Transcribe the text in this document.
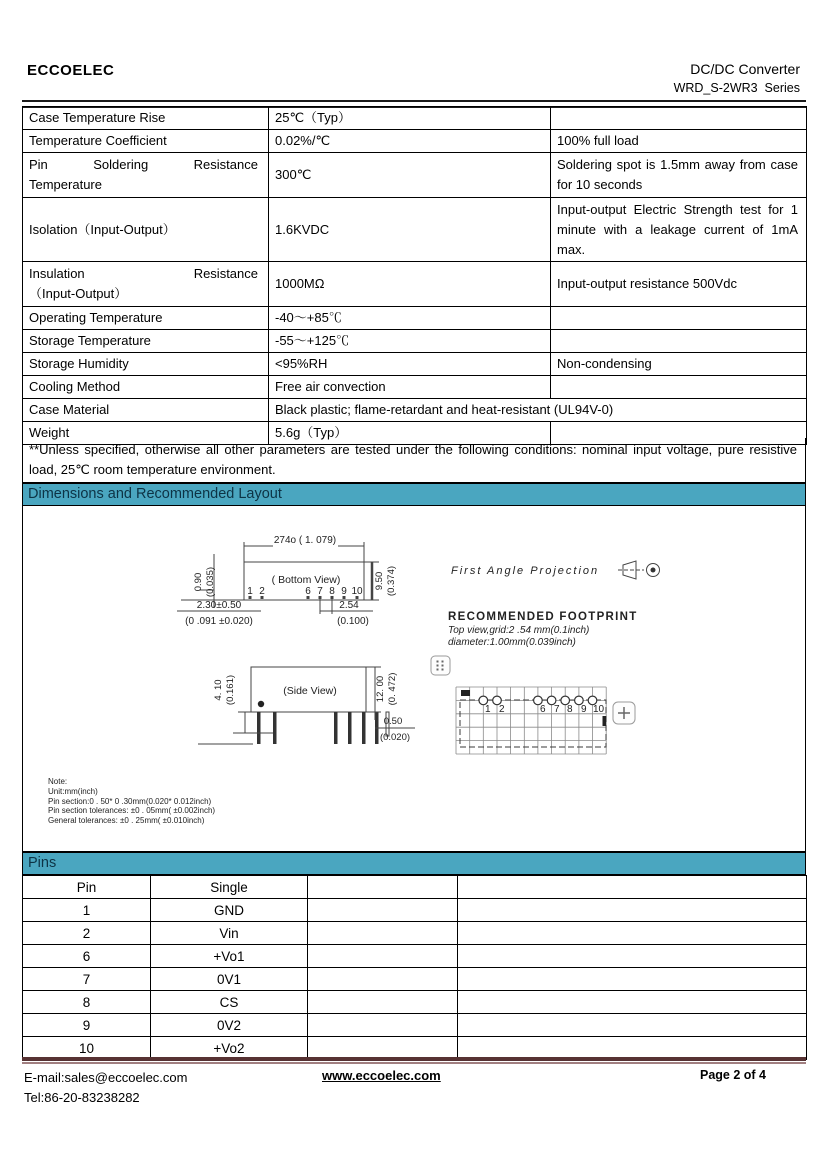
ECCOELEC	DC/DC Converter
WRD_S-2WR3  Series
Case Temperature Rise	25℃（Typ）	
Temperature Coefficient	0.02%/℃	100% full load

Pin Soldering Resistance
Temperature	300℃	Soldering spot is 1.5mm away from case for 10 seconds
Isolation（Input-Output）	1.6KVDC	Input-output Electric Strength test for 1 minute with a leakage current of 1mA max.

Insulation Resistance
（Input-Output）	1000MΩ	Input-output resistance 500Vdc
Operating Temperature	-40～+85℃	
Storage Temperature	-55～+125℃	
Storage Humidity	<95%RH	Non-condensing
Cooling Method	Free air convection	
Case Material	Black plastic; flame-retardant and heat-resistant (UL94V-0)	
Weight	5.6g（Typ）	
**Unless specified, otherwise all other parameters are tested under the following conditions: nominal input voltage, pure resistive load, 25℃ room temperature environment.
Dimensions and Recommended Layout
274o ( 1. 079)
( Bottom View)
1 2	6 7 8 9 10
0.90 (0.035)	9.50 (0.374)
2.30±0.50
(0 .091 ±0.020)
2.54
(0.100)
(Side View)
4. 10 (0.161)	12. 00 (0. 472)
0.50
(0.020)
First Angle Projection
RECOMMENDED FOOTPRINT
Top view,grid:2 .54 mm(0.1inch)
diameter:1.00mm(0.039inch)
1 2	6 7 8 9 10
Note:
Unit:mm(inch)
Pin section:0 . 50* 0 .30mm(0.020* 0.012inch)
Pin section tolerances: ±0 . 05mm( ±0.002inch)
General tolerances: ±0 . 25mm( ±0.010inch)
Pins
Pin	Single		
1	GND		
2	Vin		
6	+Vo1		
7	0V1		
8	CS		
9	0V2		
10	+Vo2		
E-mail:sales@eccoelec.com
Tel:86-20-83238282
www.eccoelec.com	Page 2 of 4
